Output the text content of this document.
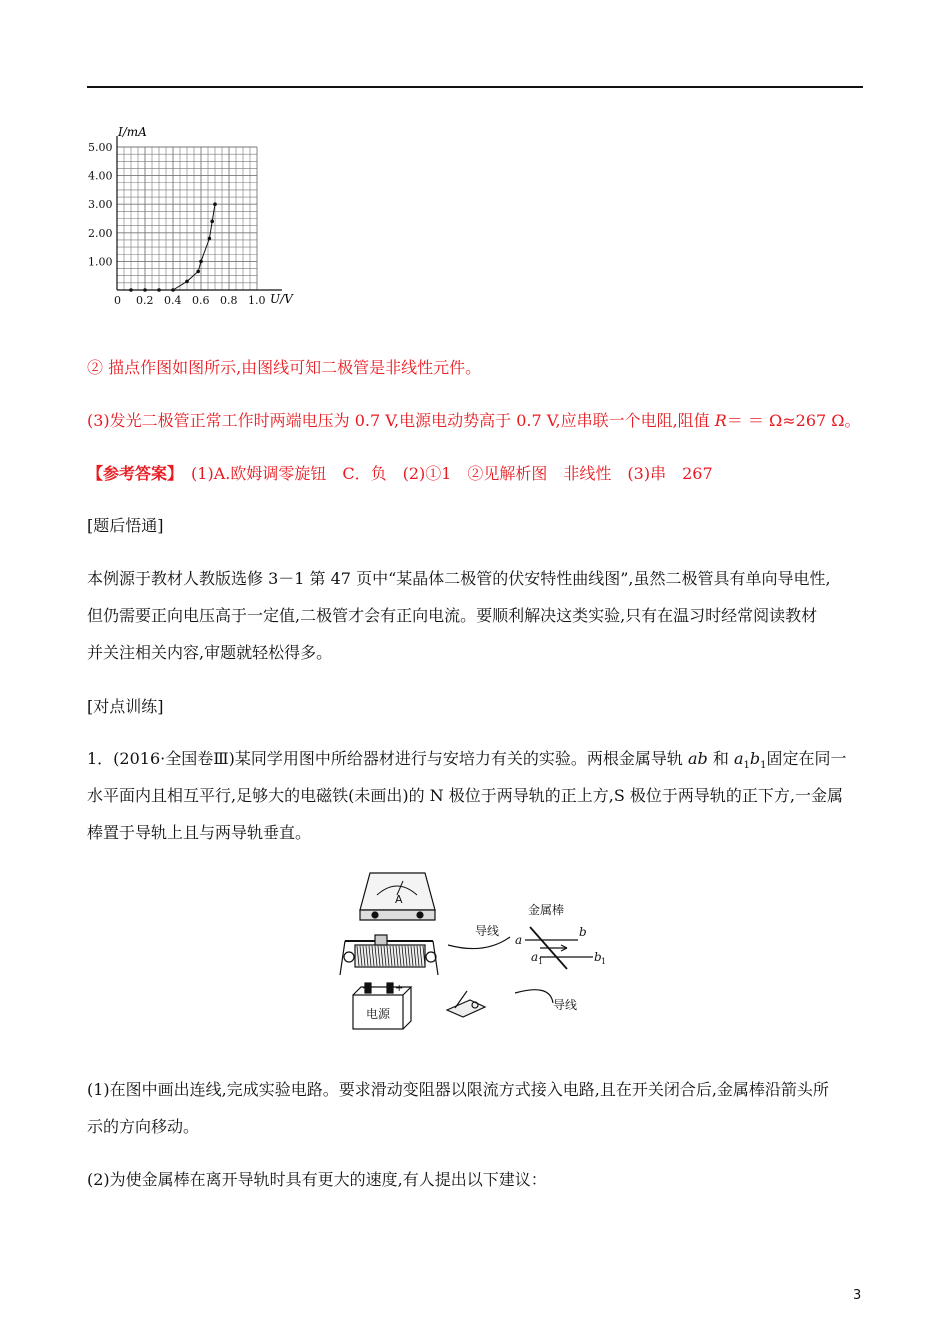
1.00
2.00
3.00
4.00
5.00
0 0.2 0.4 0.6 0.8 1.0
I/mA
U/V
② 描点作图如图所示,由图线可知二极管是非线性元件。
(3)发光二极管正常工作时两端电压为 0.7 V,电源电动势高于 0.7 V,应串联一个电阻,阻值 R＝ ＝ Ω≈267 Ω。
【参考答案】　 (1)A.欧姆调零旋钮　C．负　(2)①1　②见解析图　非线性　(3)串　267
[题后悟通]
本例源于教材人教版选修 3－1 第 47 页中“某晶体二极管的伏安特性曲线图”,虽然二极管具有单向导电性,
但仍需要正向电压高于一定值,二极管才会有正向电流。要顺利解决这类实验,只有在温习时经常阅读教材
并关注相关内容,审题就轻松得多。
[对点训练]
1．(2016·全国卷Ⅲ)某同学用图中所给器材进行与安培力有关的实验。两根金属导轨 ab 和 $a_1b_1$固定在同一
水平面内且相互平行,足够大的电磁铁(未画出)的 N 极位于两导轨的正上方,S 极位于两导轨的正下方,一金属
棒置于导轨上且与两导轨垂直。
A
电源
− +
金属棒
导线
导线
a
b
a 1	b 1
(1)在图中画出连线,完成实验电路。要求滑动变阻器以限流方式接入电路,且在开关闭合后,金属棒沿箭头所
示的方向移动。
(2)为使金属棒在离开导轨时具有更大的速度,有人提出以下建议：
3
